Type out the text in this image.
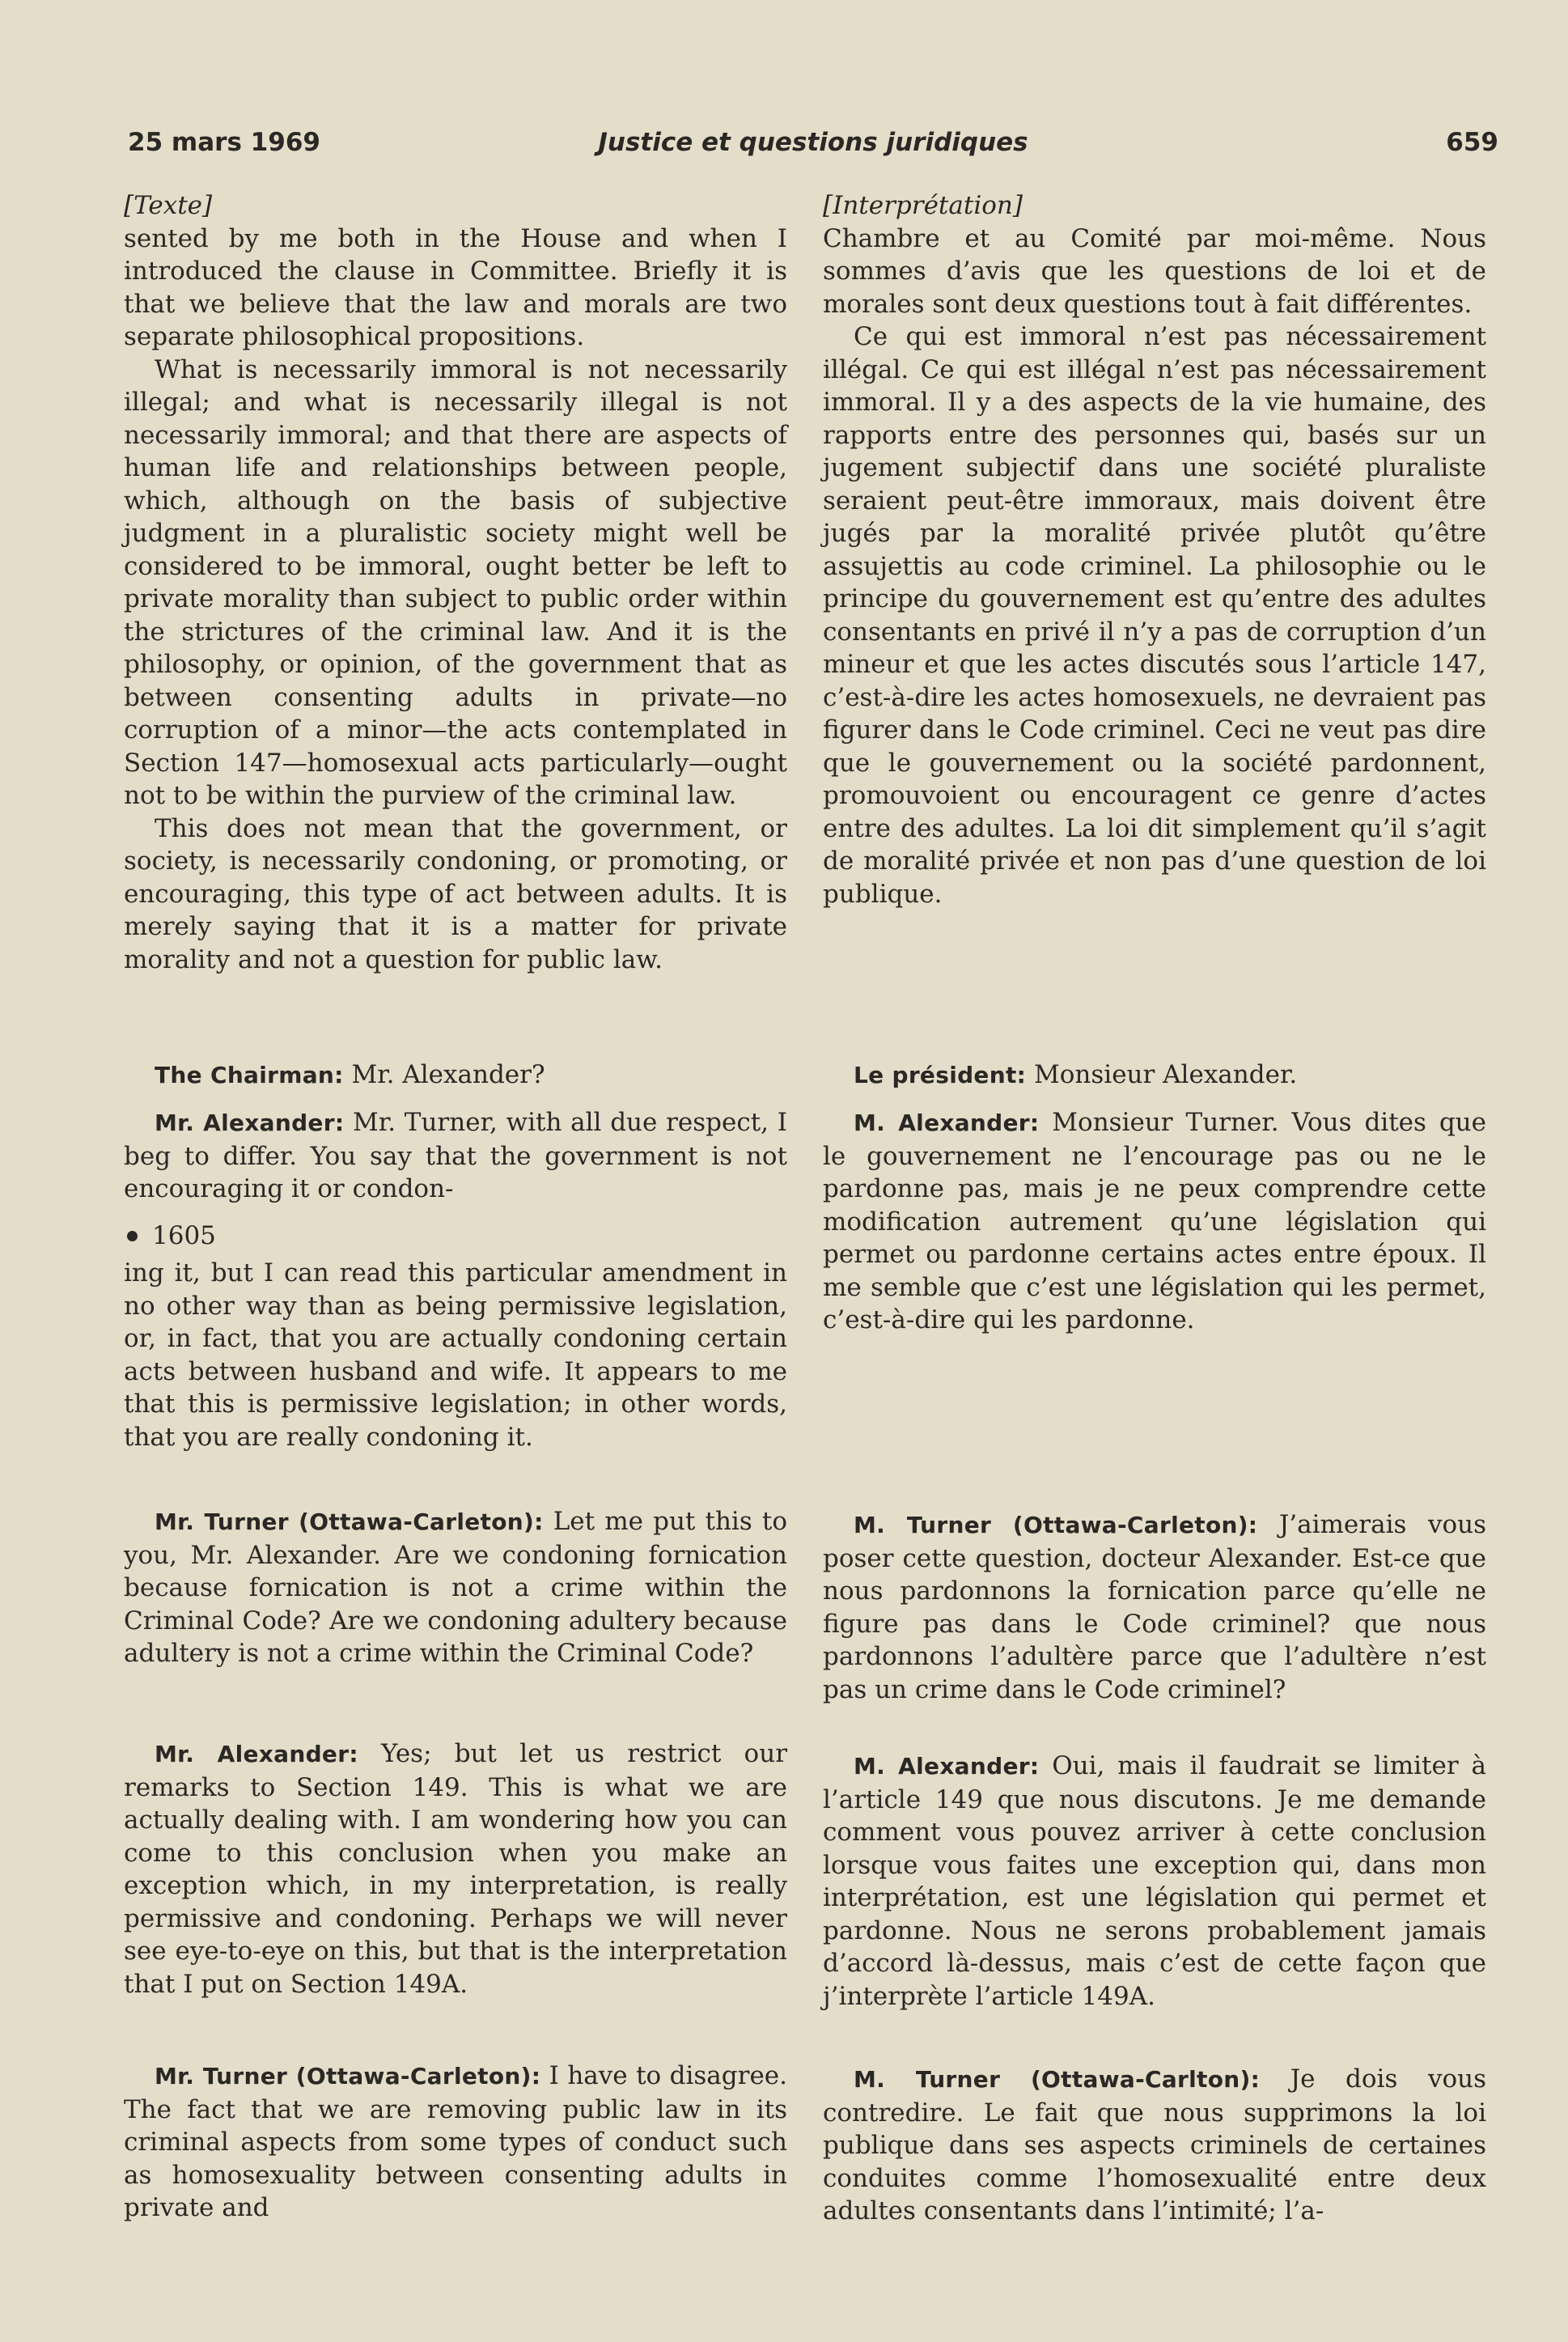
25 mars 1969	Justice et questions juridiques	659

[Texte]

sented by me both in the House and when I introduced the clause in Committee. Briefly it is that we believe that the law and morals are two separate philosophical propositions.

What is necessarily immoral is not necessarily illegal; and what is necessarily illegal is not necessarily immoral; and that there are aspects of human life and relationships between people, which, although on the basis of subjective judgment in a pluralistic society might well be considered to be immoral, ought better be left to private morality than subject to public order within the strictures of the criminal law. And it is the philosophy, or opinion, of the government that as between consenting adults in private—no corruption of a minor—the acts contemplated in Section 147—homosexual acts particularly—ought not to be within the purview of the criminal law.

This does not mean that the government, or society, is necessarily condoning, or promoting, or encouraging, this type of act between adults. It is merely saying that it is a matter for private morality and not a question for public law.

The Chairman: Mr. Alexander?

Mr. Alexander: Mr. Turner, with all due respect, I beg to differ. You say that the government is not encouraging it or condon-

1605

ing it, but I can read this particular amendment in no other way than as being permissive legislation, or, in fact, that you are actually condoning certain acts between husband and wife. It appears to me that this is permissive legislation; in other words, that you are really condoning it.

Mr. Turner (Ottawa-Carleton): Let me put this to you, Mr. Alexander. Are we condoning fornication because fornication is not a crime within the Criminal Code? Are we condoning adultery because adultery is not a crime within the Criminal Code?

Mr. Alexander: Yes; but let us restrict our remarks to Section 149. This is what we are actually dealing with. I am wondering how you can come to this conclusion when you make an exception which, in my interpretation, is really permissive and condoning. Perhaps we will never see eye-to-eye on this, but that is the interpretation that I put on Section 149A.

Mr. Turner (Ottawa-Carleton): I have to disagree. The fact that we are removing public law in its criminal aspects from some types of conduct such as homosexuality between consenting adults in private and

[Interprétation]

Chambre et au Comité par moi-même. Nous sommes d’avis que les questions de loi et de morales sont deux questions tout à fait différentes.

Ce qui est immoral n’est pas nécessairement illégal. Ce qui est illégal n’est pas nécessairement immoral. Il y a des aspects de la vie humaine, des rapports entre des personnes qui, basés sur un jugement subjectif dans une société pluraliste seraient peut-être immoraux, mais doivent être jugés par la moralité privée plutôt qu’être assujettis au code criminel. La philosophie ou le principe du gouvernement est qu’entre des adultes consentants en privé il n’y a pas de corruption d’un mineur et que les actes discutés sous l’article 147, c’est-à-dire les actes homosexuels, ne devraient pas figurer dans le Code criminel. Ceci ne veut pas dire que le gouvernement ou la société pardonnent, promouvoient ou encouragent ce genre d’actes entre des adultes. La loi dit simplement qu’il s’agit de moralité privée et non pas d’une question de loi publique.

Le président: Monsieur Alexander.

M. Alexander: Monsieur Turner. Vous dites que le gouvernement ne l’encourage pas ou ne le pardonne pas, mais je ne peux comprendre cette modification autrement qu’une législation qui permet ou pardonne certains actes entre époux. Il me semble que c’est une législation qui les permet, c’est-à-dire qui les pardonne.

M. Turner (Ottawa-Carleton): J’aimerais vous poser cette question, docteur Alexander. Est-ce que nous pardonnons la fornication parce qu’elle ne figure pas dans le Code criminel? que nous pardonnons l’adultère parce que l’adultère n’est pas un crime dans le Code criminel?

M. Alexander: Oui, mais il faudrait se limiter à l’article 149 que nous discutons. Je me demande comment vous pouvez arriver à cette conclusion lorsque vous faites une exception qui, dans mon interprétation, est une législation qui permet et pardonne. Nous ne serons probablement jamais d’accord là-dessus, mais c’est de cette façon que j’interprète l’article 149A.

M. Turner (Ottawa-Carlton): Je dois vous contredire. Le fait que nous supprimons la loi publique dans ses aspects criminels de certaines conduites comme l’homosexualité entre deux adultes consentants dans l’intimité; l’a-
